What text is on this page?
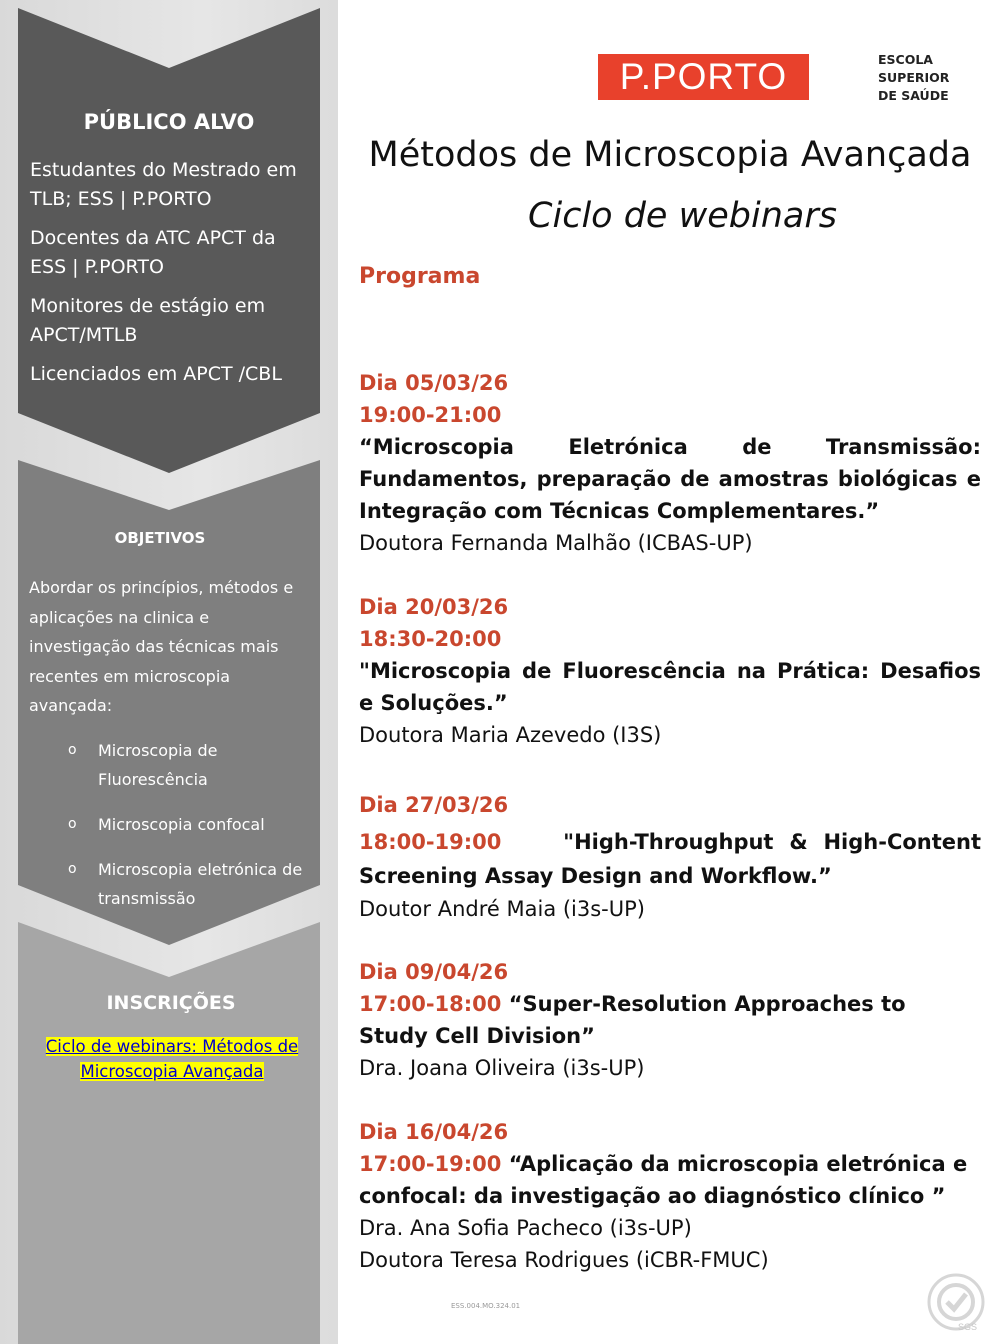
PÚBLICO ALVO
Estudantes do Mestrado em TLB; ESS | P.PORTO
Docentes da ATC APCT da ESS | P.PORTO
Monitores de estágio em APCT/MTLB
Licenciados em APCT /CBL
OBJETIVOS
Abordar os princípios, métodos e aplicações na clinica e investigação das técnicas mais recentes em microscopia avançada:
o Microscopia de Fluorescência
o Microscopia confocal
o Microscopia eletrónica de transmissão
INSCRIÇÕES
Ciclo de webinars: Métodos de Microscopia Avançada
P.PORTO	ESCOLA
SUPERIOR
DE SAÚDE
Métodos de Microscopia Avançada
Ciclo de webinars
Programa
Dia 05/03/26
19:00-21:00
“Microscopia Eletrónica de Transmissão: Fundamentos, preparação de amostras biológicas e Integração com Técnicas Complementares.”
Doutora Fernanda Malhão (ICBAS-UP)
Dia 20/03/26
18:30-20:00
"Microscopia de Fluorescência na Prática: Desafios e Soluções.”
Doutora Maria Azevedo (I3S)
Dia 27/03/26
18:00-19:00	"High-Throughput & High-Content Screening Assay Design and Workflow.”
Doutor André Maia (i3s-UP)
Dia 09/04/26
17:00-18:00 “Super-Resolution Approaches to Study Cell Division”
Dra. Joana Oliveira (i3s-UP)
Dia 16/04/26
17:00-19:00 “Aplicação da microscopia eletrónica e confocal: da investigação ao diagnóstico clínico ”
Dra. Ana Sofia Pacheco (i3s-UP)
Doutora Teresa Rodrigues (iCBR-FMUC)
ESS.004.MO.324.01
SGS
